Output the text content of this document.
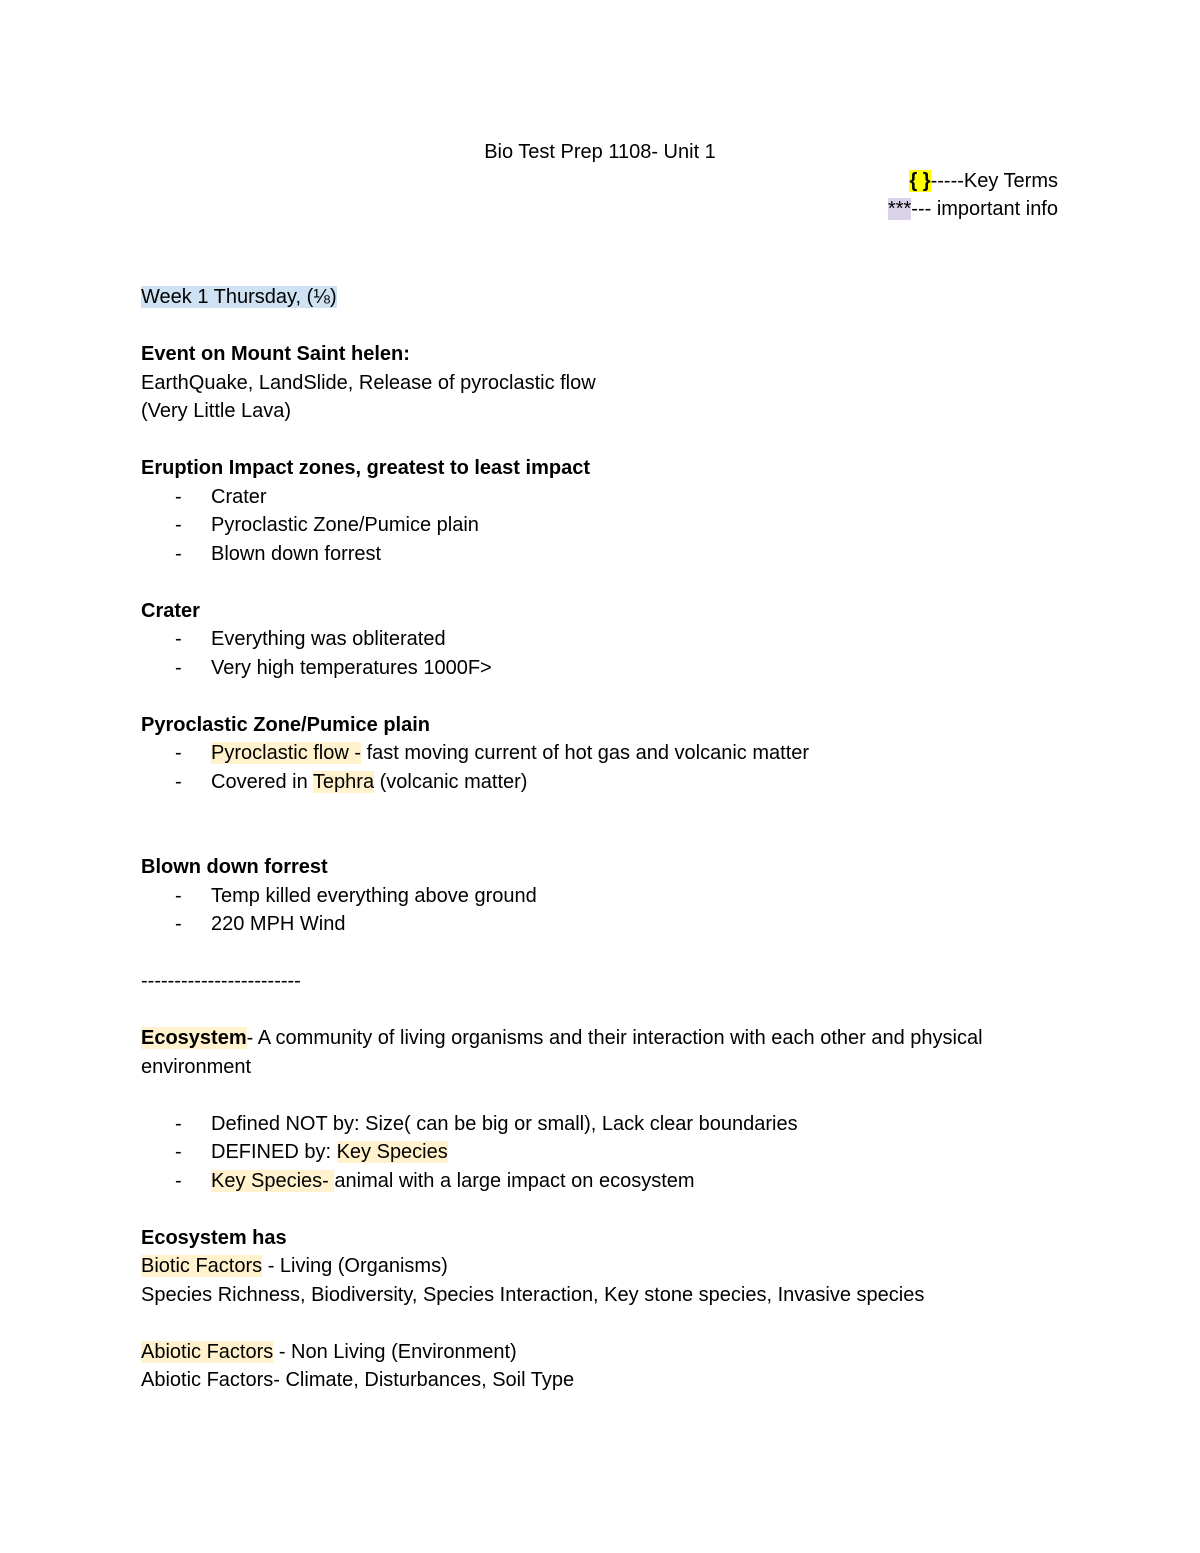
Bio Test Prep 1108- Unit 1
{ }-----Key Terms
***--- important info
Week 1 Thursday, (⅛)
Event on Mount Saint helen:
EarthQuake, LandSlide, Release of pyroclastic flow
(Very Little Lava)
Eruption Impact zones, greatest to least impact
- Crater
- Pyroclastic Zone/Pumice plain
- Blown down forrest
Crater
- Everything was obliterated
- Very high temperatures 1000F>
Pyroclastic Zone/Pumice plain
- Pyroclastic flow - fast moving current of hot gas and volcanic matter
- Covered in Tephra (volcanic matter)
Blown down forrest
- Temp killed everything above ground
- 220 MPH Wind
------------------------
Ecosystem- A community of living organisms and their interaction with each other and physical environment
- Defined NOT by: Size( can be big or small), Lack clear boundaries
- DEFINED by: Key Species
- Key Species- animal with a large impact on ecosystem
Ecosystem has
Biotic Factors - Living (Organisms)
Species Richness, Biodiversity, Species Interaction, Key stone species, Invasive species
Abiotic Factors - Non Living (Environment)
Abiotic Factors- Climate, Disturbances, Soil Type
